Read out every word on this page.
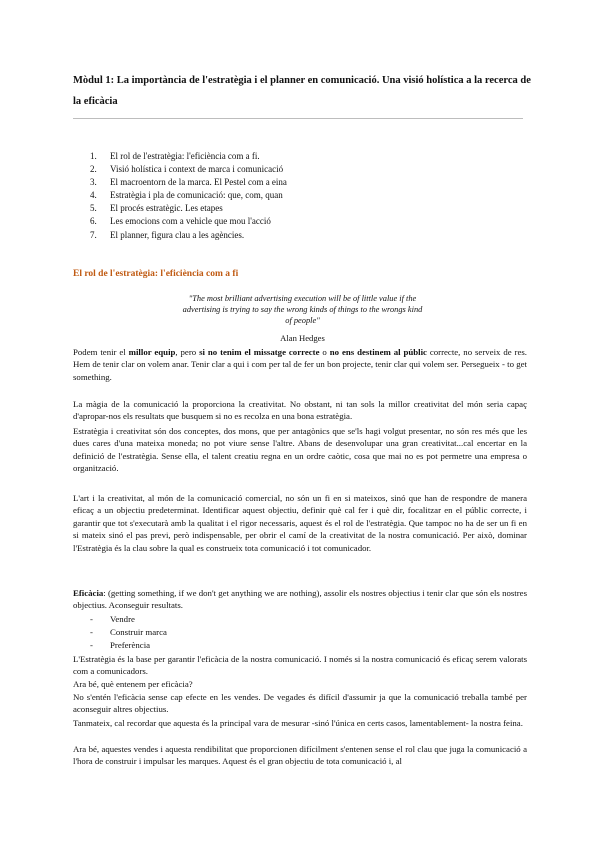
Mòdul 1: La importància de l'estratègia i el planner en comunicació. Una visió holística a la recerca de la eficàcia
1.	El rol de l'estratègia: l'eficiència com a fi.
2.	Visió holística i context de marca i comunicació
3.	El macroentorn de la marca. El Pestel com a eina
4.	Estratègia i pla de comunicació: que, com, quan
5.	El procés estratègic. Les etapes
6.	Les emocions com a vehicle que mou l'acció
7.	El planner, figura clau a les agències.
El rol de l'estratègia: l'eficiència com a fi
"The most brilliant advertising execution will be of little value if the advertising is trying to say the wrong kinds of things to the wrongs kind of people"
Alan Hedges

Podem tenir el millor equip, pero si no tenim el missatge correcte o no ens destinem al públic correcte, no serveix de res. Hem de tenir clar on volem anar. Tenir clar a qui i com per tal de fer un bon projecte, tenir clar qui volem ser. Persegueix - to get something.

La màgia de la comunicació la proporciona la creativitat. No obstant, ni tan sols la millor creativitat del món seria capaç d'apropar-nos els resultats que busquem si no es recolza en una bona estratègia.

Estratègia i creativitat són dos conceptes, dos mons, que per antagònics que se'ls hagi volgut presentar, no són res més que les dues cares d'una mateixa moneda; no pot viure sense l'altre. Abans de desenvolupar una gran creativitat...cal encertar en la definició de l'estratègia. Sense ella, el talent creatiu regna en un ordre caòtic, cosa que mai no es pot permetre una empresa o organització.

L'art i la creativitat, al món de la comunicació comercial, no són un fi en si mateixos, sinó que han de respondre de manera eficaç a un objectiu predeterminat. Identificar aquest objectiu, definir què cal fer i què dir, focalitzar en el públic correcte, i garantir que tot s'executarà amb la qualitat i el rigor necessaris, aquest és el rol de l'estratègia. Que tampoc no ha de ser un fi en si mateix sinó el pas previ, però indispensable, per obrir el camí de la creativitat de la nostra comunicació. Per això, dominar l'Estratègia és la clau sobre la qual es construeix tota comunicació i tot comunicador.

Eficàcia: (getting something, if we don't get anything we are nothing), assolir els nostres objectius i tenir clar que són els nostres objectius. Aconseguir resultats.

-	Vendre
-	Construir marca
-	Preferència

L'Estratègia és la base per garantir l'eficàcia de la nostra comunicació. I només si la nostra comunicació és eficaç serem valorats com a comunicadors.

Ara bé, què entenem per eficàcia?

No s'entén l'eficàcia sense cap efecte en les vendes. De vegades és difícil d'assumir ja que la comunicació treballa també per aconseguir altres objectius.

Tanmateix, cal recordar que aquesta és la principal vara de mesurar -sinó l'única en certs casos, lamentablement- la nostra feina.

Ara bé, aquestes vendes i aquesta rendibilitat que proporcionen difícilment s'entenen sense el rol clau que juga la comunicació a l'hora de construir i impulsar les marques. Aquest és el gran objectiu de tota comunicació i, al
